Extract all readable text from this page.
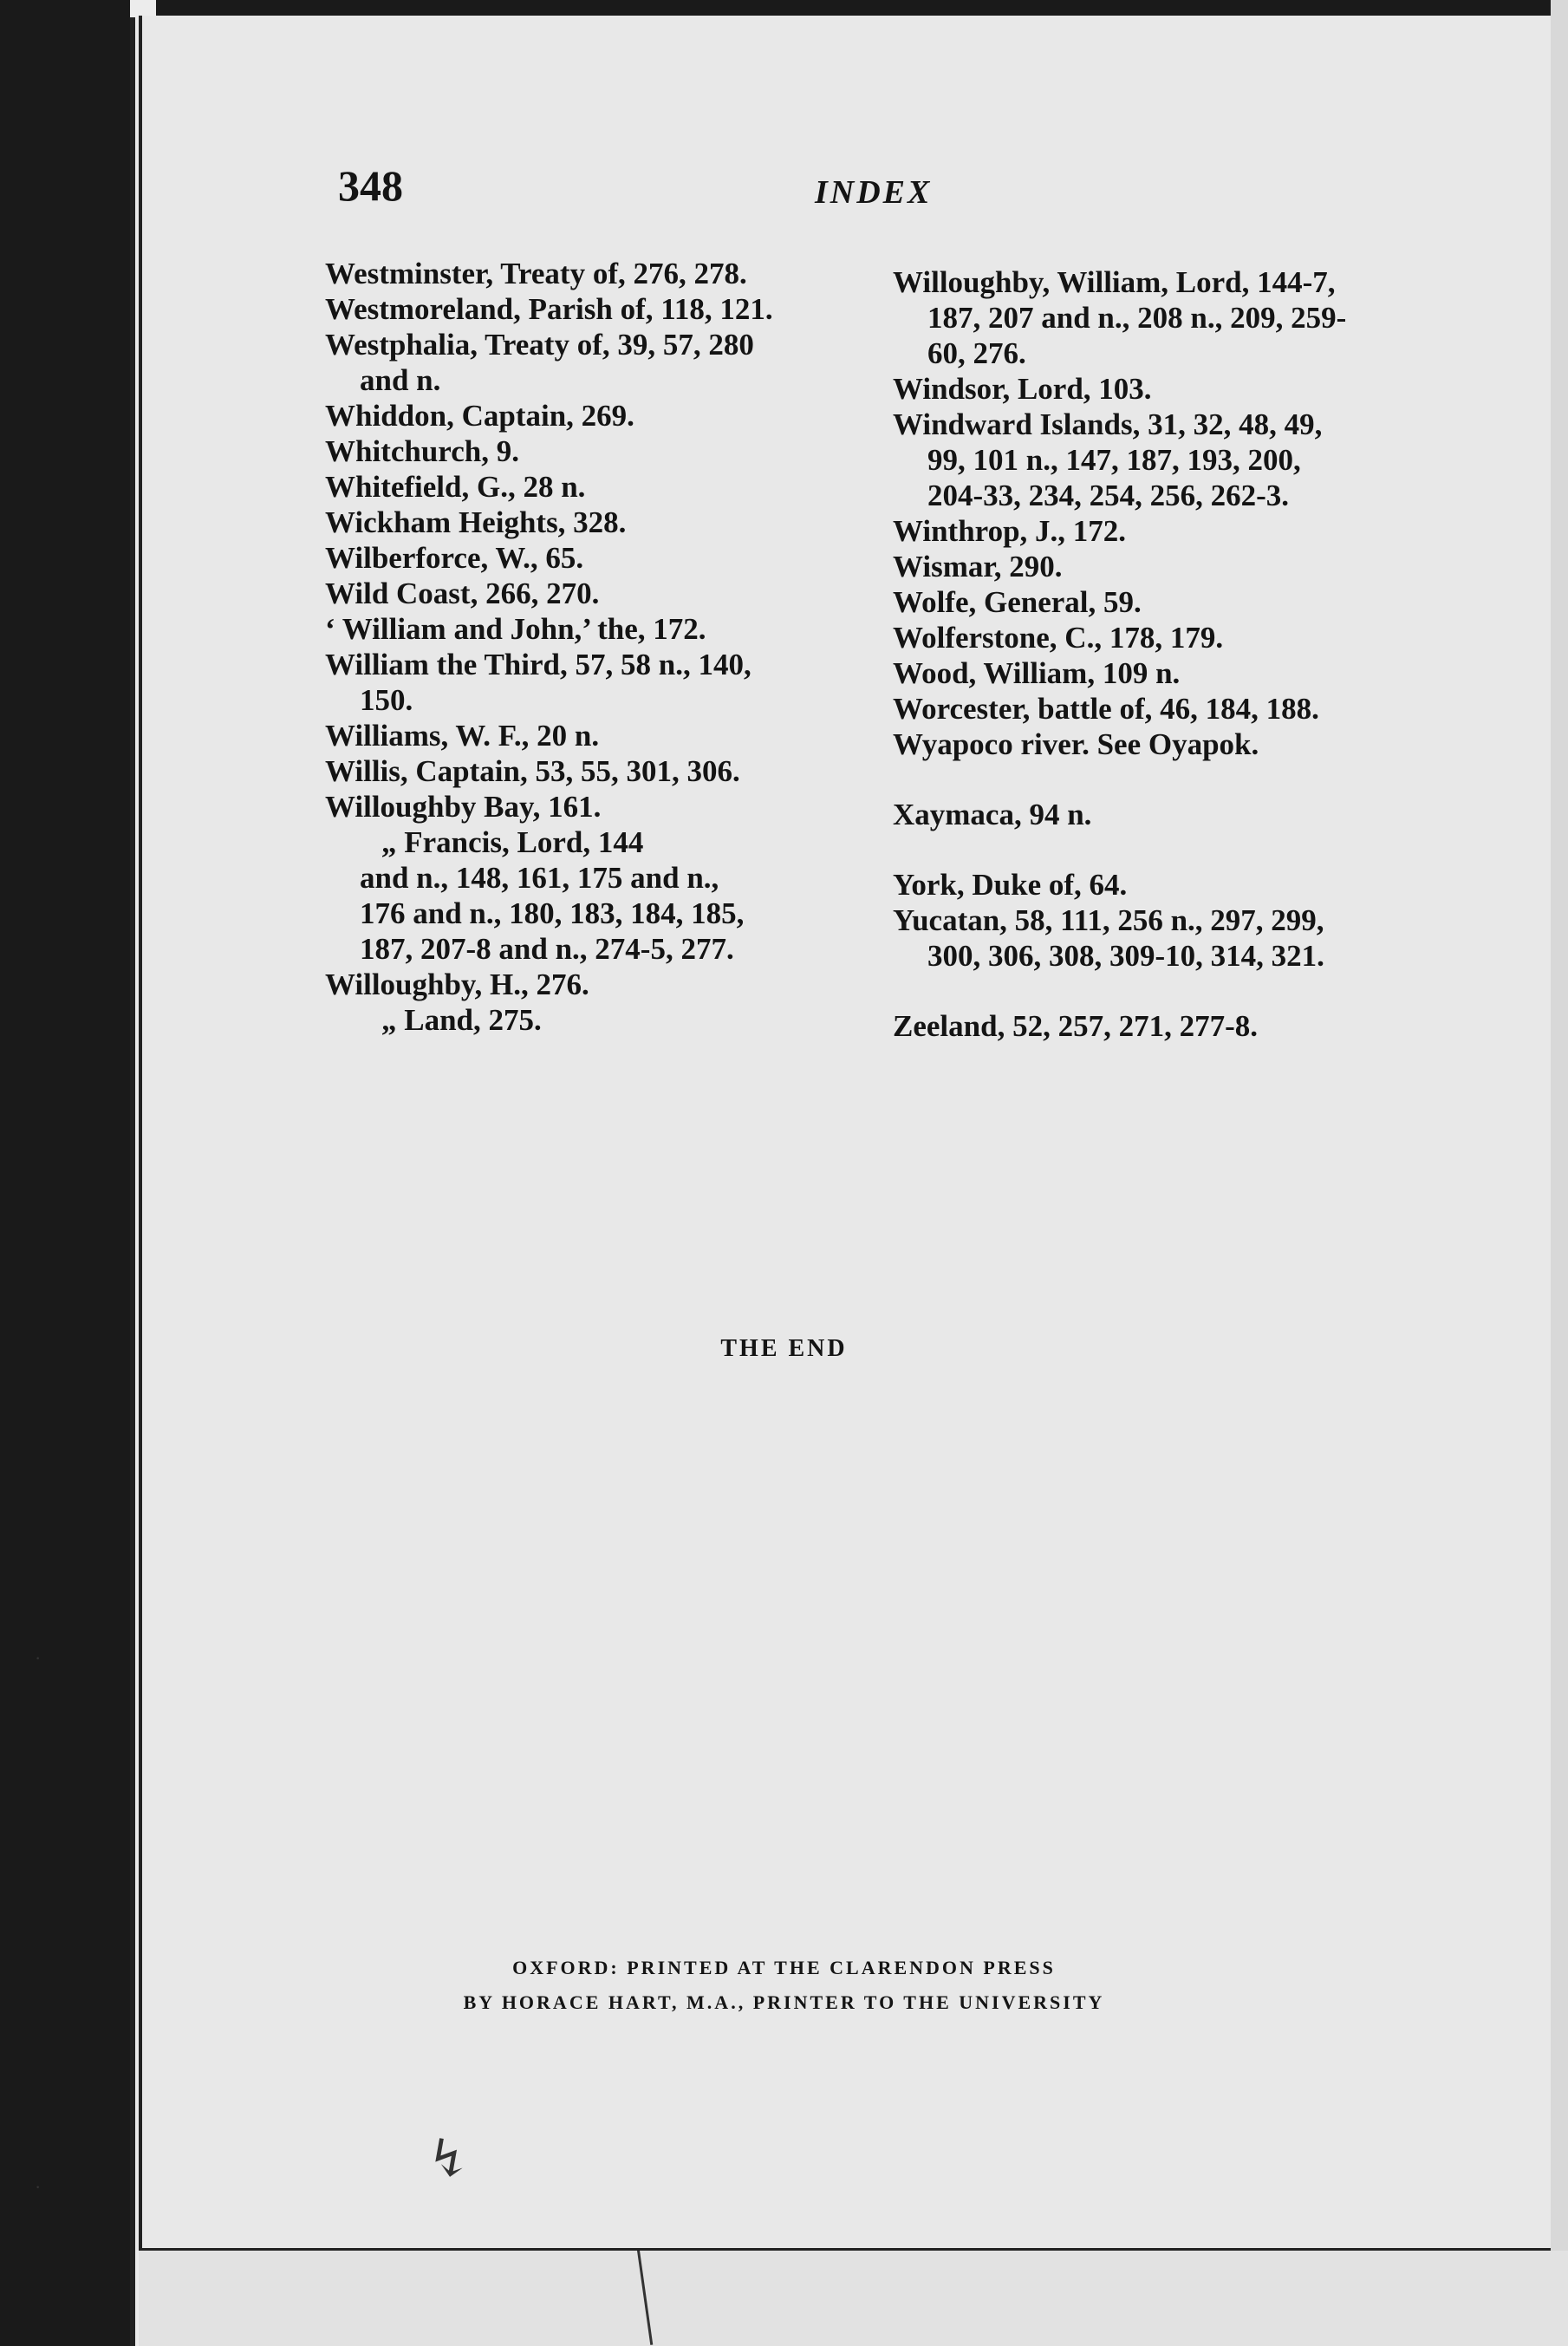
348	INDEX
Westminster, Treaty of, 276, 278.
Westmoreland, Parish of, 118, 121.
Westphalia, Treaty of, 39, 57, 280
and n.
Whiddon, Captain, 269.
Whitchurch, 9.
Whitefield, G., 28 n.
Wickham Heights, 328.
Wilberforce, W., 65.
Wild Coast, 266, 270.
‘ William and John,’ the, 172.
William the Third, 57, 58 n., 140,
150.
Williams, W. F., 20 n.
Willis, Captain, 53, 55, 301, 306.
Willoughby Bay, 161.
„ Francis, Lord, 144
and n., 148, 161, 175 and n.,
176 and n., 180, 183, 184, 185,
187, 207-8 and n., 274-5, 277.
Willoughby, H., 276.
„ Land, 275.
Willoughby, William, Lord, 144-7,
187, 207 and n., 208 n., 209, 259-
60, 276.
Windsor, Lord, 103.
Windward Islands, 31, 32, 48, 49,
99, 101 n., 147, 187, 193, 200,
204-33, 234, 254, 256, 262-3.
Winthrop, J., 172.
Wismar, 290.
Wolfe, General, 59.
Wolferstone, C., 178, 179.
Wood, William, 109 n.
Worcester, battle of, 46, 184, 188.
Wyapoco river. See Oyapok.
Xaymaca, 94 n.
York, Duke of, 64.
Yucatan, 58, 111, 256 n., 297, 299,
300, 306, 308, 309-10, 314, 321.
Zeeland, 52, 257, 271, 277-8.
THE END
OXFORD: PRINTED AT THE CLARENDON PRESS
BY HORACE HART, M.A., PRINTER TO THE UNIVERSITY
↯
·
·
